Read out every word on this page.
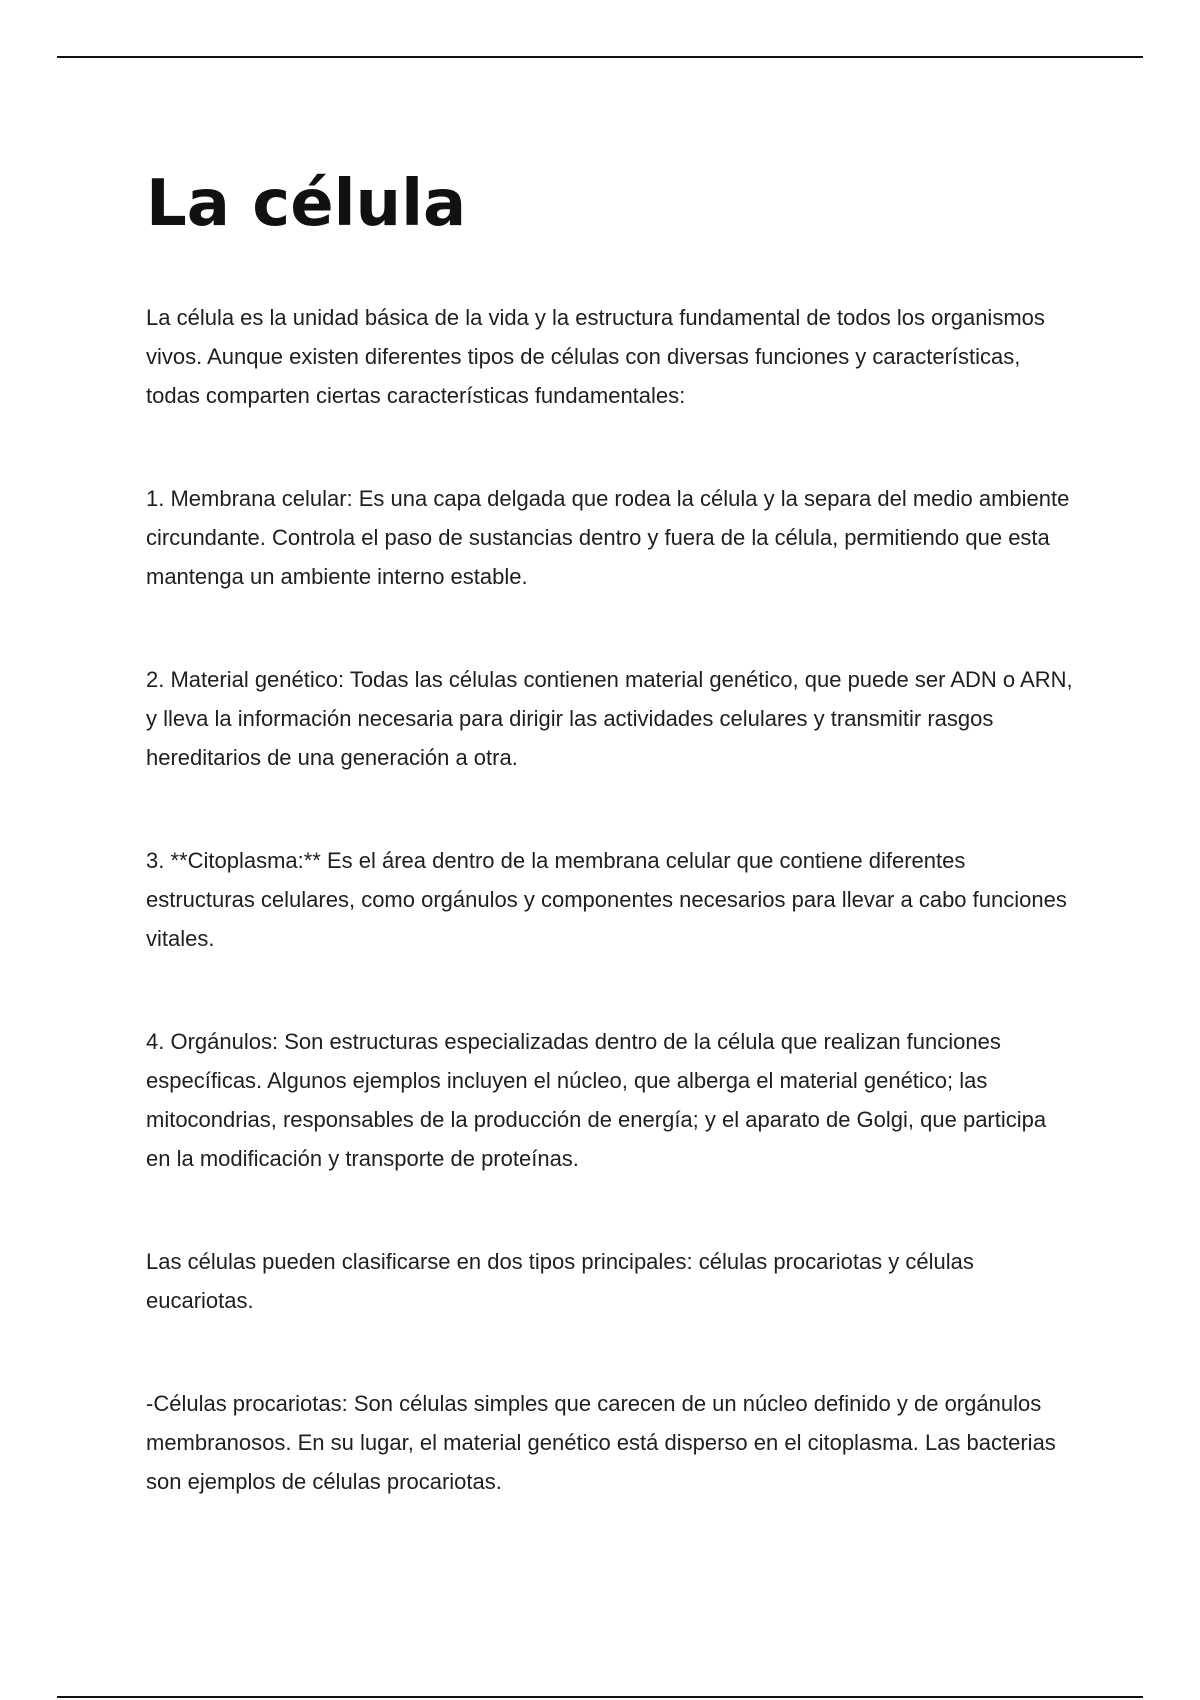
La célula

La célula es la unidad básica de la vida y la estructura fundamental de todos los organismos vivos. Aunque existen diferentes tipos de células con diversas funciones y características, todas comparten ciertas características fundamentales:

1. Membrana celular: Es una capa delgada que rodea la célula y la separa del medio ambiente circundante. Controla el paso de sustancias dentro y fuera de la célula, permitiendo que esta mantenga un ambiente interno estable.

2. Material genético: Todas las células contienen material genético, que puede ser ADN o ARN, y lleva la información necesaria para dirigir las actividades celulares y transmitir rasgos hereditarios de una generación a otra.

3. **Citoplasma:** Es el área dentro de la membrana celular que contiene diferentes estructuras celulares, como orgánulos y componentes necesarios para llevar a cabo funciones vitales.

4. Orgánulos: Son estructuras especializadas dentro de la célula que realizan funciones específicas. Algunos ejemplos incluyen el núcleo, que alberga el material genético; las mitocondrias, responsables de la producción de energía; y el aparato de Golgi, que participa en la modificación y transporte de proteínas.

Las células pueden clasificarse en dos tipos principales: células procariotas y células eucariotas.

-Células procariotas: Son células simples que carecen de un núcleo definido y de orgánulos membranosos. En su lugar, el material genético está disperso en el citoplasma. Las bacterias son ejemplos de células procariotas.
